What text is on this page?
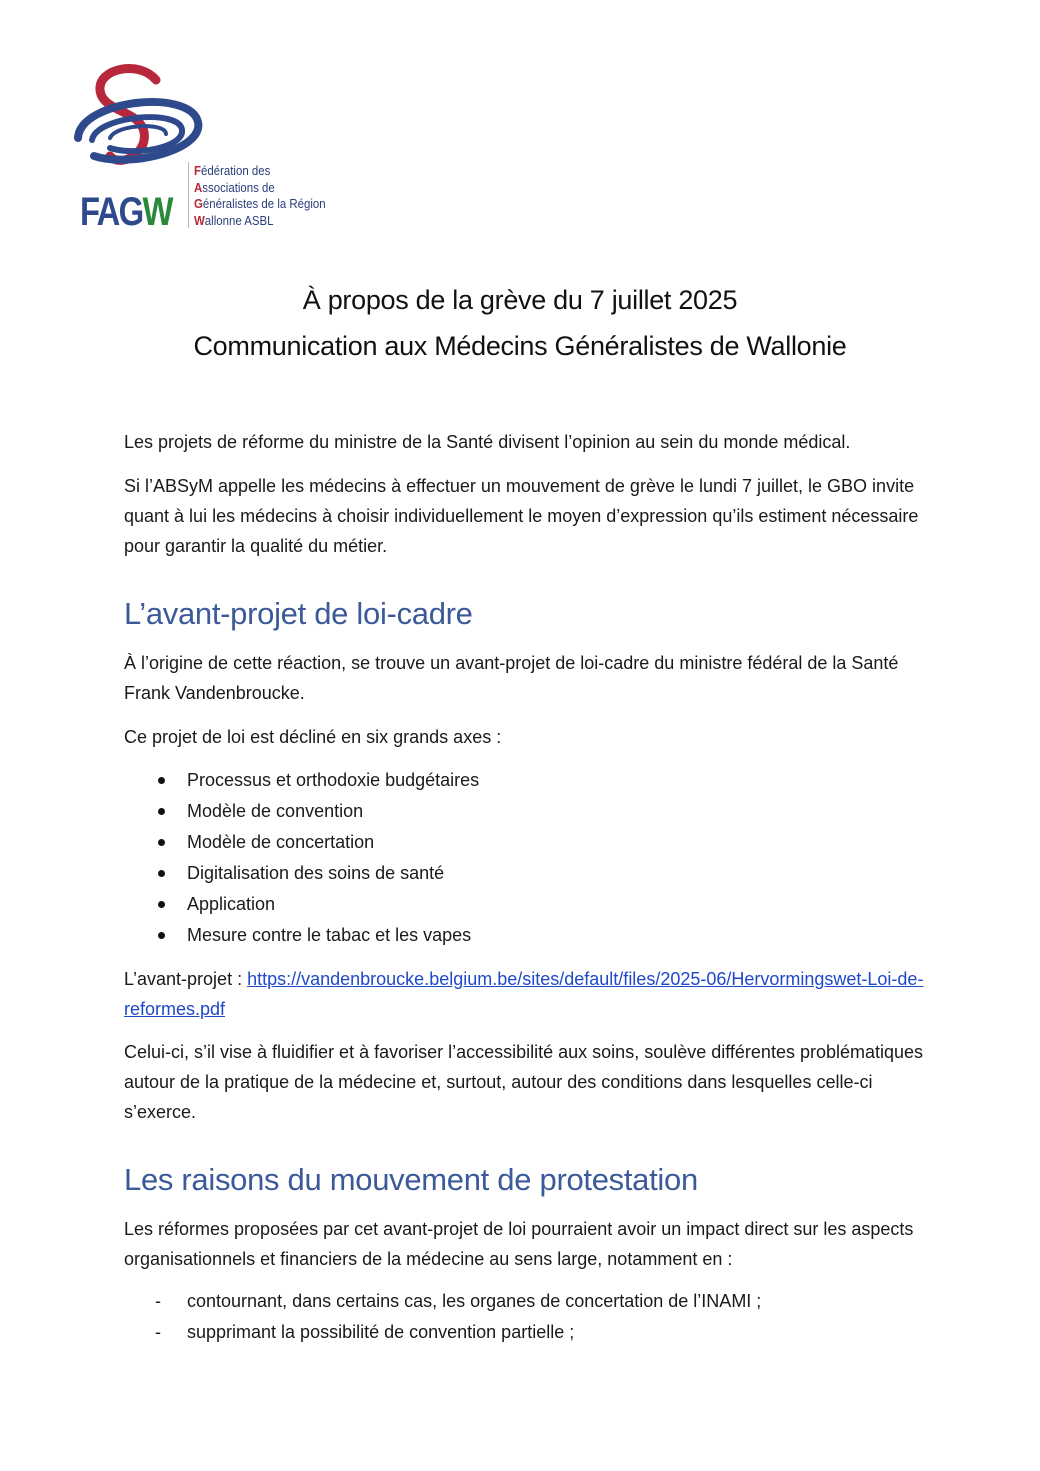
FAGW
Fédération des
Associations de
Généralistes de la Région
Wallonne ASBL
À propos de la grève du 7 juillet 2025
Communication aux Médecins Généralistes de Wallonie

Les projets de réforme du ministre de la Santé divisent l’opinion au sein du monde médical.

Si l’ABSyM appelle les médecins à effectuer un mouvement de grève le lundi 7 juillet, le GBO invite quant à lui les médecins à choisir individuellement le moyen d’expression qu’ils estiment nécessaire pour garantir la qualité du métier.

L’avant-projet de loi-cadre

À l’origine de cette réaction, se trouve un avant-projet de loi-cadre du ministre fédéral de la Santé Frank Vandenbroucke.

Ce projet de loi est décliné en six grands axes :

Processus et orthodoxie budgétaires
Modèle de convention
Modèle de concertation
Digitalisation des soins de santé
Application
Mesure contre le tabac et les vapes

L’avant-projet : https://vandenbroucke.belgium.be/sites/default/files/2025-06/Hervormingswet-Loi-de-reformes.pdf

Celui-ci, s’il vise à fluidifier et à favoriser l’accessibilité aux soins, soulève différentes problématiques autour de la pratique de la médecine et, surtout, autour des conditions dans lesquelles celle-ci s’exerce.

Les raisons du mouvement de protestation

Les réformes proposées par cet avant-projet de loi pourraient avoir un impact direct sur les aspects organisationnels et financiers de la médecine au sens large, notamment en :

- contournant, dans certains cas, les organes de concertation de l’INAMI ;
- supprimant la possibilité de convention partielle ;
